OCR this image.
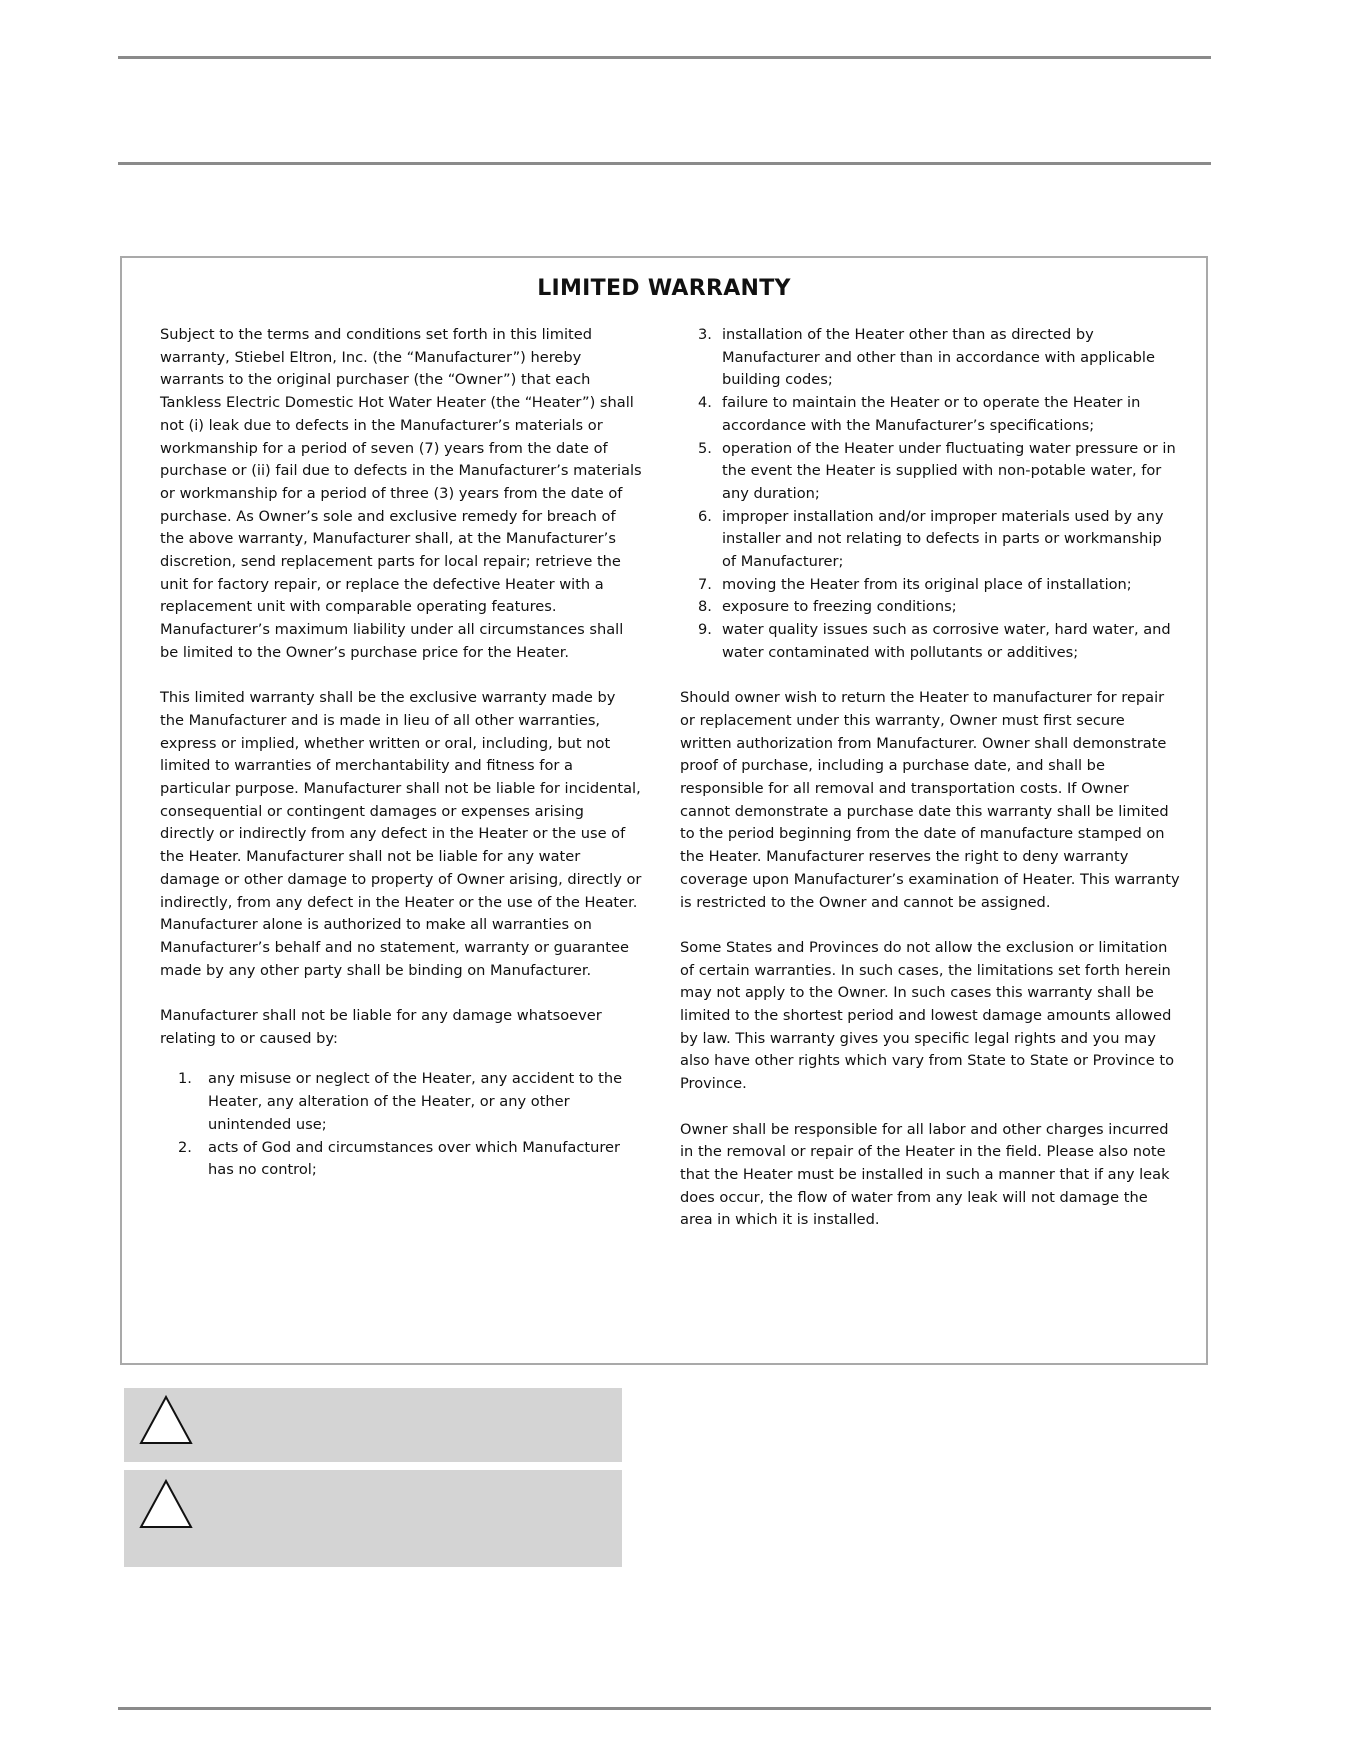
LIMITED WARRANTY

Subject to the terms and conditions set forth in this limited warranty, Stiebel Eltron, Inc. (the “Manufacturer”) hereby warrants to the original purchaser (the “Owner”) that each Tankless Electric Domestic Hot Water Heater (the “Heater”) shall not (i) leak due to defects in the Manufacturer’s materials or workmanship for a period of seven (7) years from the date of purchase or (ii) fail due to defects in the Manufacturer’s materials or workmanship for a period of three (3) years from the date of purchase. As Owner’s sole and exclusive remedy for breach of the above warranty, Manufacturer shall, at the Manufacturer’s discretion, send replacement parts for local repair; retrieve the unit for factory repair, or replace the defective Heater with a replacement unit with comparable operating features. Manufacturer’s maximum liability under all circumstances shall be limited to the Owner’s purchase price for the Heater.

This limited warranty shall be the exclusive warranty made by the Manufacturer and is made in lieu of all other warranties, express or implied, whether written or oral, including, but not limited to warranties of merchantability and fitness for a particular purpose. Manufacturer shall not be liable for incidental, consequential or contingent damages or expenses arising directly or indirectly from any defect in the Heater or the use of the Heater. Manufacturer shall not be liable for any water damage or other damage to property of Owner arising, directly or indirectly, from any defect in the Heater or the use of the Heater. Manufacturer alone is authorized to make all warranties on Manufacturer’s behalf and no statement, warranty or guarantee made by any other party shall be binding on Manufacturer.

Manufacturer shall not be liable for any damage whatsoever relating to or caused by:

1. any misuse or neglect of the Heater, any accident to the Heater, any alteration of the Heater, or any other unintended use;
2. acts of God and circumstances over which Manufacturer has no control;
3. installation of the Heater other than as directed by Manufacturer and other than in accordance with applicable building codes;
4. failure to maintain the Heater or to operate the Heater in accordance with the Manufacturer’s specifications;
5. operation of the Heater under fluctuating water pressure or in the event the Heater is supplied with non-potable water, for any duration;
6. improper installation and/or improper materials used by any installer and not relating to defects in parts or workmanship of Manufacturer;
7. moving the Heater from its original place of installation;
8. exposure to freezing conditions;
9. water quality issues such as corrosive water, hard water, and water contaminated with pollutants or additives;

Should owner wish to return the Heater to manufacturer for repair or replacement under this warranty, Owner must first secure written authorization from Manufacturer. Owner shall demonstrate proof of purchase, including a purchase date, and shall be responsible for all removal and transportation costs. If Owner cannot demonstrate a purchase date this warranty shall be limited to the period beginning from the date of manufacture stamped on the Heater. Manufacturer reserves the right to deny warranty coverage upon Manufacturer’s examination of Heater. This warranty is restricted to the Owner and cannot be assigned.

Some States and Provinces do not allow the exclusion or limitation of certain warranties. In such cases, the limitations set forth herein may not apply to the Owner. In such cases this warranty shall be limited to the shortest period and lowest damage amounts allowed by law. This warranty gives you specific legal rights and you may also have other rights which vary from State to State or Province to Province.

Owner shall be responsible for all labor and other charges incurred in the removal or repair of the Heater in the field. Please also note that the Heater must be installed in such a manner that if any leak does occur, the flow of water from any leak will not damage the area in which it is installed.
